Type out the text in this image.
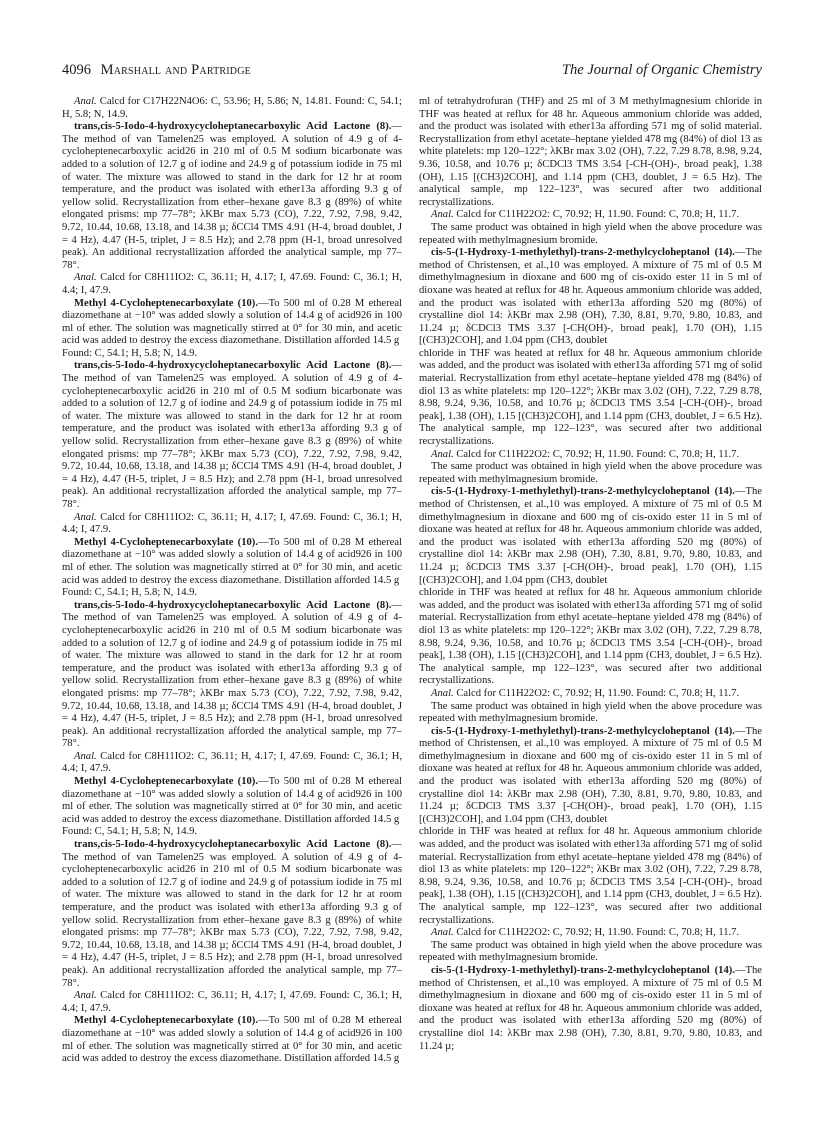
4096 Marshall and Partridge	The Journal of Organic Chemistry

Anal. Calcd for C17H22N4O6: C, 53.96; H, 5.86; N, 14.81. Found: C, 54.1; H, 5.8; N, 14.9.

trans,cis-5-Iodo-4-hydroxycycloheptanecarboxylic Acid Lactone (8).—The method of van Tamelen25 was employed. A solution of 4.9 g of 4-cycloheptenecarboxylic acid26 in 210 ml of 0.5 M sodium bicarbonate was added to a solution of 12.7 g of iodine and 24.9 g of potassium iodide in 75 ml of water. The mixture was allowed to stand in the dark for 12 hr at room temperature, and the product was isolated with ether13a affording 9.3 g of yellow solid. Recrystallization from ether–hexane gave 8.3 g (89%) of white elongated prisms: mp 77–78°; λKBr max 5.73 (CO), 7.22, 7.92, 7.98, 9.42, 9.72, 10.44, 10.68, 13.18, and 14.38 µ; δCCl4 TMS 4.91 (H-4, broad doublet, J = 4 Hz), 4.47 (H-5, triplet, J = 8.5 Hz); and 2.78 ppm (H-1, broad unresolved peak). An additional recrystallization afforded the analytical sample, mp 77–78°.

Anal. Calcd for C8H11IO2: C, 36.11; H, 4.17; I, 47.69. Found: C, 36.1; H, 4.4; I, 47.9.

Methyl 4-Cycloheptenecarboxylate (10).—To 500 ml of 0.28 M ethereal diazomethane at −10° was added slowly a solution of 14.4 g of acid926 in 100 ml of ether. The solution was magnetically stirred at 0° for 30 min, and acetic acid was added to destroy the excess diazomethane. Distillation afforded 14.5 g

Found: C, 54.1; H, 5.8; N, 14.9.

trans,cis-5-Iodo-4-hydroxycycloheptanecarboxylic Acid Lactone (8).—The method of van Tamelen25 was employed. A solution of 4.9 g of 4-cycloheptenecarboxylic acid26 in 210 ml of 0.5 M sodium bicarbonate was added to a solution of 12.7 g of iodine and 24.9 g of potassium iodide in 75 ml of water. The mixture was allowed to stand in the dark for 12 hr at room temperature, and the product was isolated with ether13a affording 9.3 g of yellow solid. Recrystallization from ether–hexane gave 8.3 g (89%) of white elongated prisms: mp 77–78°; λKBr max 5.73 (CO), 7.22, 7.92, 7.98, 9.42, 9.72, 10.44, 10.68, 13.18, and 14.38 µ; δCCl4 TMS 4.91 (H-4, broad doublet, J = 4 Hz), 4.47 (H-5, triplet, J = 8.5 Hz); and 2.78 ppm (H-1, broad unresolved peak). An additional recrystallization afforded the analytical sample, mp 77–78°.

Anal. Calcd for C8H11IO2: C, 36.11; H, 4.17; I, 47.69. Found: C, 36.1; H, 4.4; I, 47.9.

Methyl 4-Cycloheptenecarboxylate (10).—To 500 ml of 0.28 M ethereal diazomethane at −10° was added slowly a solution of 14.4 g of acid926 in 100 ml of ether. The solution was magnetically stirred at 0° for 30 min, and acetic acid was added to destroy the excess diazomethane. Distillation afforded 14.5 g

Found: C, 54.1; H, 5.8; N, 14.9.

trans,cis-5-Iodo-4-hydroxycycloheptanecarboxylic Acid Lactone (8).—The method of van Tamelen25 was employed. A solution of 4.9 g of 4-cycloheptenecarboxylic acid26 in 210 ml of 0.5 M sodium bicarbonate was added to a solution of 12.7 g of iodine and 24.9 g of potassium iodide in 75 ml of water. The mixture was allowed to stand in the dark for 12 hr at room temperature, and the product was isolated with ether13a affording 9.3 g of yellow solid. Recrystallization from ether–hexane gave 8.3 g (89%) of white elongated prisms: mp 77–78°; λKBr max 5.73 (CO), 7.22, 7.92, 7.98, 9.42, 9.72, 10.44, 10.68, 13.18, and 14.38 µ; δCCl4 TMS 4.91 (H-4, broad doublet, J = 4 Hz), 4.47 (H-5, triplet, J = 8.5 Hz); and 2.78 ppm (H-1, broad unresolved peak). An additional recrystallization afforded the analytical sample, mp 77–78°.

Anal. Calcd for C8H11IO2: C, 36.11; H, 4.17; I, 47.69. Found: C, 36.1; H, 4.4; I, 47.9.

Methyl 4-Cycloheptenecarboxylate (10).—To 500 ml of 0.28 M ethereal diazomethane at −10° was added slowly a solution of 14.4 g of acid926 in 100 ml of ether. The solution was magnetically stirred at 0° for 30 min, and acetic acid was added to destroy the excess diazomethane. Distillation afforded 14.5 g

Found: C, 54.1; H, 5.8; N, 14.9.

trans,cis-5-Iodo-4-hydroxycycloheptanecarboxylic Acid Lactone (8).—The method of van Tamelen25 was employed. A solution of 4.9 g of 4-cycloheptenecarboxylic acid26 in 210 ml of 0.5 M sodium bicarbonate was added to a solution of 12.7 g of iodine and 24.9 g of potassium iodide in 75 ml of water. The mixture was allowed to stand in the dark for 12 hr at room temperature, and the product was isolated with ether13a affording 9.3 g of yellow solid. Recrystallization from ether–hexane gave 8.3 g (89%) of white elongated prisms: mp 77–78°; λKBr max 5.73 (CO), 7.22, 7.92, 7.98, 9.42, 9.72, 10.44, 10.68, 13.18, and 14.38 µ; δCCl4 TMS 4.91 (H-4, broad doublet, J = 4 Hz), 4.47 (H-5, triplet, J = 8.5 Hz); and 2.78 ppm (H-1, broad unresolved peak). An additional recrystallization afforded the analytical sample, mp 77–78°.

Anal. Calcd for C8H11IO2: C, 36.11; H, 4.17; I, 47.69. Found: C, 36.1; H, 4.4; I, 47.9.

Methyl 4-Cycloheptenecarboxylate (10).—To 500 ml of 0.28 M ethereal diazomethane at −10° was added slowly a solution of 14.4 g of acid926 in 100 ml of ether. The solution was magnetically stirred at 0° for 30 min, and acetic acid was added to destroy the excess diazomethane. Distillation afforded 14.5 g

ml of tetrahydrofuran (THF) and 25 ml of 3 M methylmagnesium chloride in THF was heated at reflux for 48 hr. Aqueous ammonium chloride was added, and the product was isolated with ether13a affording 571 mg of solid material. Recrystallization from ethyl acetate–heptane yielded 478 mg (84%) of diol 13 as white platelets: mp 120–122°; λKBr max 3.02 (OH), 7.22, 7.29 8.78, 8.98, 9.24, 9.36, 10.58, and 10.76 µ; δCDCl3 TMS 3.54 [-CH-(OH)-, broad peak], 1.38 (OH), 1.15 [(CH3)2COH], and 1.14 ppm (CH3, doublet, J = 6.5 Hz). The analytical sample, mp 122–123°, was secured after two additional recrystallizations.

Anal. Calcd for C11H22O2: C, 70.92; H, 11.90. Found: C, 70.8; H, 11.7.

The same product was obtained in high yield when the above procedure was repeated with methylmagnesium bromide.

cis-5-(1-Hydroxy-1-methylethyl)-trans-2-methylcycloheptanol (14).—The method of Christensen, et al.,10 was employed. A mixture of 75 ml of 0.5 M dimethylmagnesium in dioxane and 600 mg of cis-oxido ester 11 in 5 ml of dioxane was heated at reflux for 48 hr. Aqueous ammonium chloride was added, and the product was isolated with ether13a affording 520 mg (80%) of crystalline diol 14: λKBr max 2.98 (OH), 7.30, 8.81, 9.70, 9.80, 10.83, and 11.24 µ; δCDCl3 TMS 3.37 [-CH(OH)-, broad peak], 1.70 (OH), 1.15 [(CH3)2COH], and 1.04 ppm (CH3, doublet

chloride in THF was heated at reflux for 48 hr. Aqueous ammonium chloride was added, and the product was isolated with ether13a affording 571 mg of solid material. Recrystallization from ethyl acetate–heptane yielded 478 mg (84%) of diol 13 as white platelets: mp 120–122°; λKBr max 3.02 (OH), 7.22, 7.29 8.78, 8.98, 9.24, 9.36, 10.58, and 10.76 µ; δCDCl3 TMS 3.54 [-CH-(OH)-, broad peak], 1.38 (OH), 1.15 [(CH3)2COH], and 1.14 ppm (CH3, doublet, J = 6.5 Hz). The analytical sample, mp 122–123°, was secured after two additional recrystallizations.

Anal. Calcd for C11H22O2: C, 70.92; H, 11.90. Found: C, 70.8; H, 11.7.

The same product was obtained in high yield when the above procedure was repeated with methylmagnesium bromide.

cis-5-(1-Hydroxy-1-methylethyl)-trans-2-methylcycloheptanol (14).—The method of Christensen, et al.,10 was employed. A mixture of 75 ml of 0.5 M dimethylmagnesium in dioxane and 600 mg of cis-oxido ester 11 in 5 ml of dioxane was heated at reflux for 48 hr. Aqueous ammonium chloride was added, and the product was isolated with ether13a affording 520 mg (80%) of crystalline diol 14: λKBr max 2.98 (OH), 7.30, 8.81, 9.70, 9.80, 10.83, and 11.24 µ; δCDCl3 TMS 3.37 [-CH(OH)-, broad peak], 1.70 (OH), 1.15 [(CH3)2COH], and 1.04 ppm (CH3, doublet

chloride in THF was heated at reflux for 48 hr. Aqueous ammonium chloride was added, and the product was isolated with ether13a affording 571 mg of solid material. Recrystallization from ethyl acetate–heptane yielded 478 mg (84%) of diol 13 as white platelets: mp 120–122°; λKBr max 3.02 (OH), 7.22, 7.29 8.78, 8.98, 9.24, 9.36, 10.58, and 10.76 µ; δCDCl3 TMS 3.54 [-CH-(OH)-, broad peak], 1.38 (OH), 1.15 [(CH3)2COH], and 1.14 ppm (CH3, doublet, J = 6.5 Hz). The analytical sample, mp 122–123°, was secured after two additional recrystallizations.

Anal. Calcd for C11H22O2: C, 70.92; H, 11.90. Found: C, 70.8; H, 11.7.

The same product was obtained in high yield when the above procedure was repeated with methylmagnesium bromide.

cis-5-(1-Hydroxy-1-methylethyl)-trans-2-methylcycloheptanol (14).—The method of Christensen, et al.,10 was employed. A mixture of 75 ml of 0.5 M dimethylmagnesium in dioxane and 600 mg of cis-oxido ester 11 in 5 ml of dioxane was heated at reflux for 48 hr. Aqueous ammonium chloride was added, and the product was isolated with ether13a affording 520 mg (80%) of crystalline diol 14: λKBr max 2.98 (OH), 7.30, 8.81, 9.70, 9.80, 10.83, and 11.24 µ; δCDCl3 TMS 3.37 [-CH(OH)-, broad peak], 1.70 (OH), 1.15 [(CH3)2COH], and 1.04 ppm (CH3, doublet

chloride in THF was heated at reflux for 48 hr. Aqueous ammonium chloride was added, and the product was isolated with ether13a affording 571 mg of solid material. Recrystallization from ethyl acetate–heptane yielded 478 mg (84%) of diol 13 as white platelets: mp 120–122°; λKBr max 3.02 (OH), 7.22, 7.29 8.78, 8.98, 9.24, 9.36, 10.58, and 10.76 µ; δCDCl3 TMS 3.54 [-CH-(OH)-, broad peak], 1.38 (OH), 1.15 [(CH3)2COH], and 1.14 ppm (CH3, doublet, J = 6.5 Hz). The analytical sample, mp 122–123°, was secured after two additional recrystallizations.

Anal. Calcd for C11H22O2: C, 70.92; H, 11.90. Found: C, 70.8; H, 11.7.

The same product was obtained in high yield when the above procedure was repeated with methylmagnesium bromide.

cis-5-(1-Hydroxy-1-methylethyl)-trans-2-methylcycloheptanol (14).—The method of Christensen, et al.,10 was employed. A mixture of 75 ml of 0.5 M dimethylmagnesium in dioxane and 600 mg of cis-oxido ester 11 in 5 ml of dioxane was heated at reflux for 48 hr. Aqueous ammonium chloride was added, and the product was isolated with ether13a affording 520 mg (80%) of crystalline diol 14: λKBr max 2.98 (OH), 7.30, 8.81, 9.70, 9.80, 10.83, and 11.24 µ;
